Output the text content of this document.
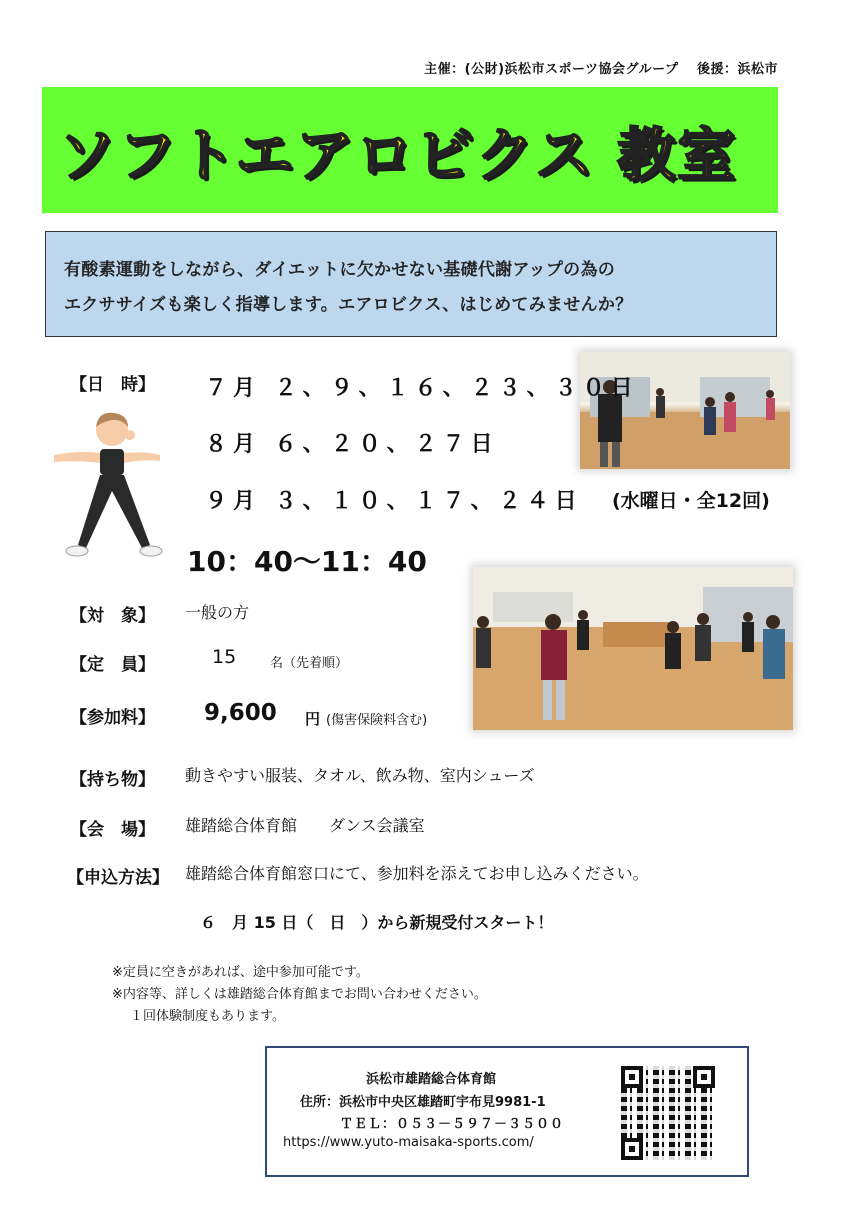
主催：(公財)浜松市スポーツ協会グループ　 後援：浜松市
ソフトエアロビクス 教室
有酸素運動をしながら、ダイエットに欠かせない基礎代謝アップの為の
エクササイズも楽しく指導します。エアロビクス、はじめてみませんか？
【日　時】 ７月 ２、９、１６、２３、３０日
８月 ６、２０、２７日
９月 ３、１０、１７、２４日 (水曜日・全12回)
10：40～11：40
【対　象】 一般の方
【定　員】	15	名（先着順）
【参加料】 9,600 円 (傷害保険料含む)
【持ち物】 動きやすい服装、タオル、飲み物、室内シューズ
【会　場】 雄踏総合体育館　　ダンス会議室
【申込方法】 雄踏総合体育館窓口にて、参加料を添えてお申し込みください。
６　月 15 日（　日　）から新規受付スタート！
※定員に空きがあれば、途中参加可能です。
※内容等、詳しくは雄踏総合体育館までお問い合わせください。
１回体験制度もあります。
浜松市雄踏総合体育館
住所：浜松市中央区雄踏町宇布見9981-1
ＴＥＬ：０５３－５９７－３５００
https://www.yuto-maisaka-sports.com/
